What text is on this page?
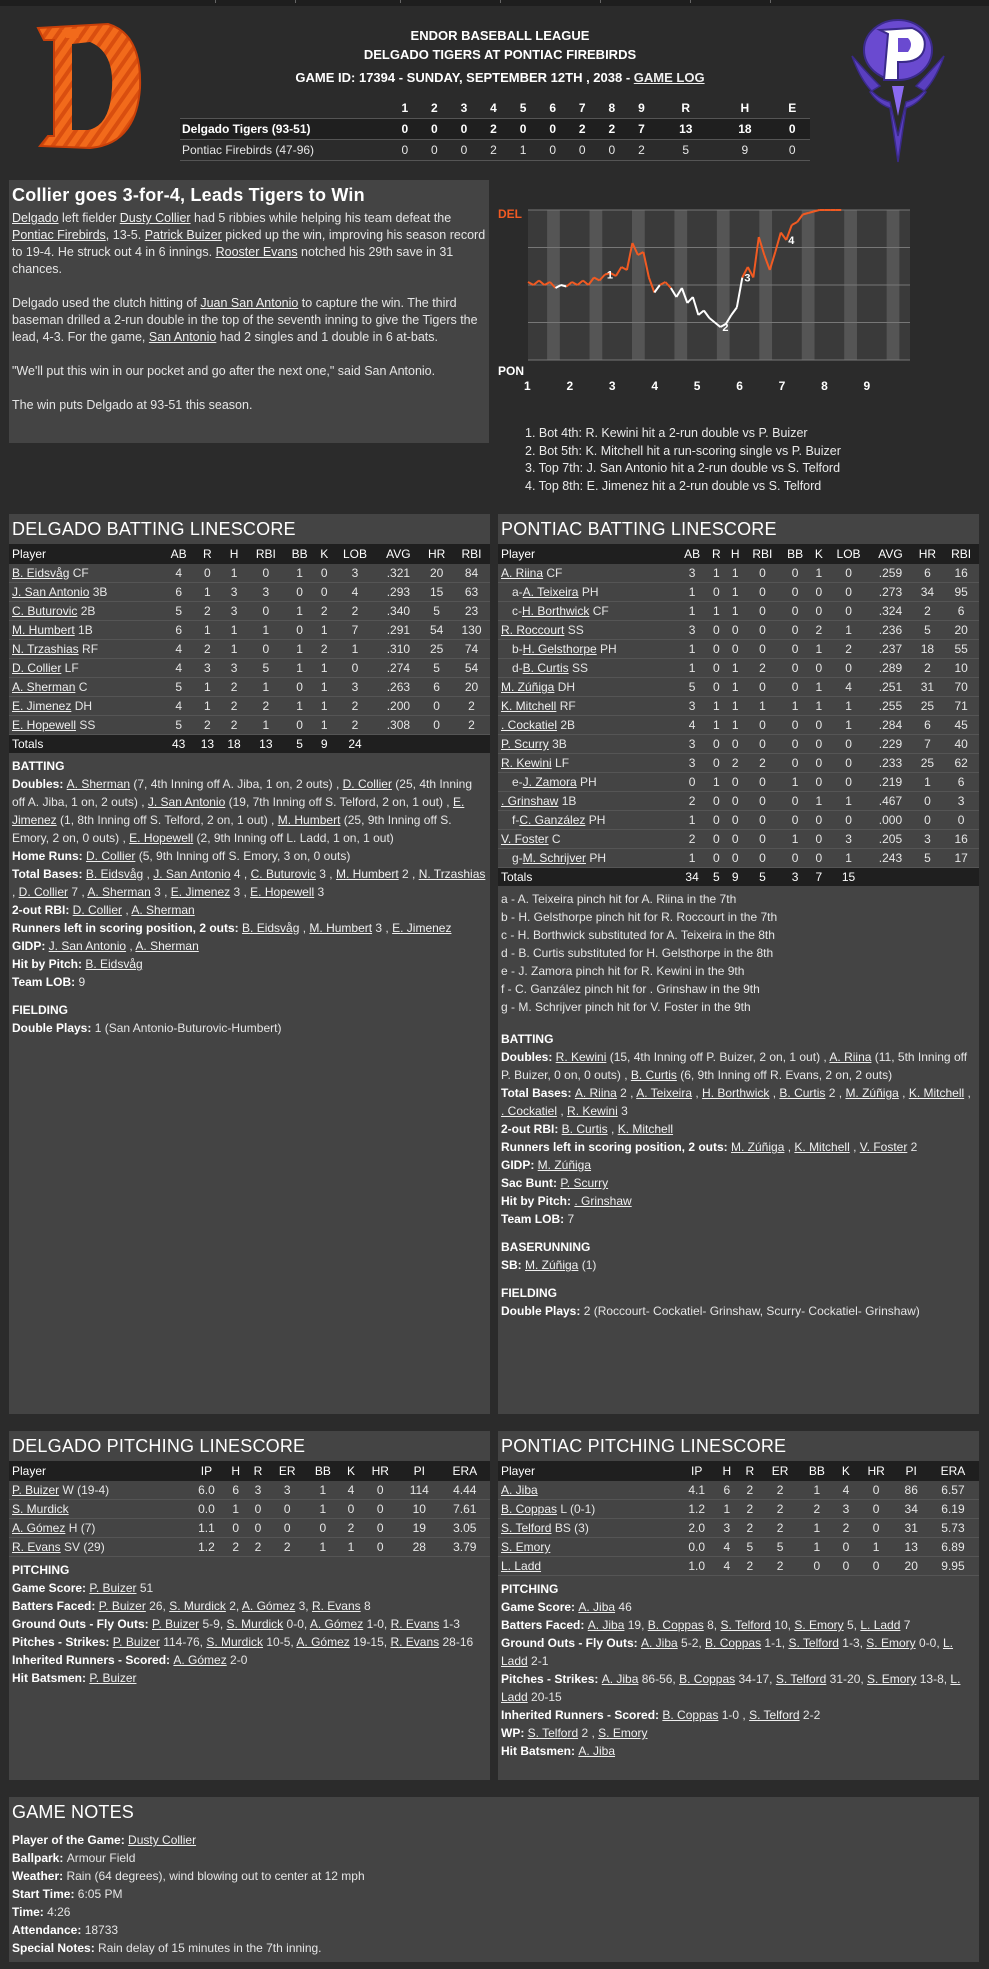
ENDOR BASEBALL LEAGUE
DELGADO TIGERS AT PONTIAC FIREBIRDS
GAME ID: 17394 - SUNDAY, SEPTEMBER 12TH , 2038 - GAME LOG
	1	2	3	4	5	6	7	8	9	R	H	E
Delgado Tigers (93-51)	0	0	0	2	0	0	2	2	7	13	18	0
Pontiac Firebirds (47-96)	0	0	0	2	1	0	0	0	2	5	9	0
Collier goes 3-for-4, Leads Tigers to Win

Delgado left fielder Dusty Collier had 5 ribbies while helping his team defeat the Pontiac Firebirds, 13-5. Patrick Buizer picked up the win, improving his season record to 19-4. He struck out 4 in 6 innings. Rooster Evans notched his 29th save in 31 chances.

Delgado used the clutch hitting of Juan San Antonio to capture the win. The third baseman drilled a 2-run double in the top of the seventh inning to give the Tigers the lead, 4-3. For the game, San Antonio had 2 singles and 1 double in 6 at-bats.

"We'll put this win in our pocket and go after the next one," said San Antonio.

The win puts Delgado at 93-51 this season.

DEL
PON
1
2
3
4
1	2	3	4	5	6	7	8	9
1. Bot 4th: R. Kewini hit a 2-run double vs P. Buizer
2. Bot 5th: K. Mitchell hit a run-scoring single vs P. Buizer
3. Top 7th: J. San Antonio hit a 2-run double vs S. Telford
4. Top 8th: E. Jimenez hit a 2-run double vs S. Telford
DELGADO BATTING LINESCORE
Player	AB	R	H	RBI	BB	K	LOB	AVG	HR	RBI
B. Eidsvåg CF	4	0	1	0	1	0	3	.321	20	84
J. San Antonio 3B	6	1	3	3	0	0	4	.293	15	63
C. Buturovic 2B	5	2	3	0	1	2	2	.340	5	23
M. Humbert 1B	6	1	1	1	0	1	7	.291	54	130
N. Trzashias RF	4	2	1	0	1	2	1	.310	25	74
D. Collier LF	4	3	3	5	1	1	0	.274	5	54
A. Sherman C	5	1	2	1	0	1	3	.263	6	20
E. Jimenez DH	4	1	2	2	1	1	2	.200	0	2
E. Hopewell SS	5	2	2	1	0	1	2	.308	0	2
Totals	43	13	18	13	5	9	24			
BATTING
Doubles: A. Sherman (7, 4th Inning off A. Jiba, 1 on, 2 outs) , D. Collier (25, 4th Inning off A. Jiba, 1 on, 2 outs) , J. San Antonio (19, 7th Inning off S. Telford, 2 on, 1 out) , E. Jimenez (1, 8th Inning off S. Telford, 2 on, 1 out) , M. Humbert (25, 9th Inning off S. Emory, 2 on, 0 outs) , E. Hopewell (2, 9th Inning off L. Ladd, 1 on, 1 out)
Home Runs: D. Collier (5, 9th Inning off S. Emory, 3 on, 0 outs)
Total Bases: B. Eidsvåg , J. San Antonio 4 , C. Buturovic 3 , M. Humbert 2 , N. Trzashias , D. Collier 7 , A. Sherman 3 , E. Jimenez 3 , E. Hopewell 3
2-out RBI: D. Collier , A. Sherman
Runners left in scoring position, 2 outs: B. Eidsvåg , M. Humbert 3 , E. Jimenez
GIDP: J. San Antonio , A. Sherman
Hit by Pitch: B. Eidsvåg
Team LOB: 9
FIELDING
Double Plays: 1 (San Antonio-Buturovic-Humbert)
PONTIAC BATTING LINESCORE
Player	AB	R	H	RBI	BB	K	LOB	AVG	HR	RBI
A. Riina CF	3	1	1	0	0	1	0	.259	6	16
a-A. Teixeira PH	1	0	1	0	0	0	0	.273	34	95
c-H. Borthwick CF	1	1	1	0	0	0	0	.324	2	6
R. Roccourt SS	3	0	0	0	0	2	1	.236	5	20
b-H. Gelsthorpe PH	1	0	0	0	0	1	2	.237	18	55
d-B. Curtis SS	1	0	1	2	0	0	0	.289	2	10
M. Zúñiga DH	5	0	1	0	0	1	4	.251	31	70
K. Mitchell RF	3	1	1	1	1	1	1	.255	25	71
. Cockatiel 2B	4	1	1	0	0	0	1	.284	6	45
P. Scurry 3B	3	0	0	0	0	0	0	.229	7	40
R. Kewini LF	3	0	2	2	0	0	0	.233	25	62
e-J. Zamora PH	0	1	0	0	1	0	0	.219	1	6
. Grinshaw 1B	2	0	0	0	0	1	1	.467	0	3
f-C. Ganzález PH	1	0	0	0	0	0	0	.000	0	0
V. Foster C	2	0	0	0	1	0	3	.205	3	16
g-M. Schrijver PH	1	0	0	0	0	0	1	.243	5	17
Totals	34	5	9	5	3	7	15			
a - A. Teixeira pinch hit for A. Riina in the 7th
b - H. Gelsthorpe pinch hit for R. Roccourt in the 7th
c - H. Borthwick substituted for A. Teixeira in the 8th
d - B. Curtis substituted for H. Gelsthorpe in the 8th
e - J. Zamora pinch hit for R. Kewini in the 9th
f - C. Ganzález pinch hit for . Grinshaw in the 9th
g - M. Schrijver pinch hit for V. Foster in the 9th
BATTING
Doubles: R. Kewini (15, 4th Inning off P. Buizer, 2 on, 1 out) , A. Riina (11, 5th Inning off P. Buizer, 0 on, 0 outs) , B. Curtis (6, 9th Inning off R. Evans, 2 on, 2 outs)
Total Bases: A. Riina 2 , A. Teixeira , H. Borthwick , B. Curtis 2 , M. Zúñiga , K. Mitchell , . Cockatiel , R. Kewini 3
2-out RBI: B. Curtis , K. Mitchell
Runners left in scoring position, 2 outs: M. Zúñiga , K. Mitchell , V. Foster 2
GIDP: M. Zúñiga
Sac Bunt: P. Scurry
Hit by Pitch: . Grinshaw
Team LOB: 7
BASERUNNING
SB: M. Zúñiga (1)
FIELDING
Double Plays: 2 (Roccourt- Cockatiel- Grinshaw, Scurry- Cockatiel- Grinshaw)
DELGADO PITCHING LINESCORE
Player	IP	H	R	ER	BB	K	HR	PI	ERA
P. Buizer W (19-4)	6.0	6	3	3	1	4	0	114	4.44
S. Murdick	0.0	1	0	0	1	0	0	10	7.61
A. Gómez H (7)	1.1	0	0	0	0	2	0	19	3.05
R. Evans SV (29)	1.2	2	2	2	1	1	0	28	3.79
PITCHING
Game Score: P. Buizer 51
Batters Faced: P. Buizer 26, S. Murdick 2, A. Gómez 3, R. Evans 8
Ground Outs - Fly Outs: P. Buizer 5-9, S. Murdick 0-0, A. Gómez 1-0, R. Evans 1-3
Pitches - Strikes: P. Buizer 114-76, S. Murdick 10-5, A. Gómez 19-15, R. Evans 28-16
Inherited Runners - Scored: A. Gómez 2-0
Hit Batsmen: P. Buizer
PONTIAC PITCHING LINESCORE
Player	IP	H	R	ER	BB	K	HR	PI	ERA
A. Jiba	4.1	6	2	2	1	4	0	86	6.57
B. Coppas L (0-1)	1.2	1	2	2	2	3	0	34	6.19
S. Telford BS (3)	2.0	3	2	2	1	2	0	31	5.73
S. Emory	0.0	4	5	5	1	0	1	13	6.89
L. Ladd	1.0	4	2	2	0	0	0	20	9.95
PITCHING
Game Score: A. Jiba 46
Batters Faced: A. Jiba 19, B. Coppas 8, S. Telford 10, S. Emory 5, L. Ladd 7
Ground Outs - Fly Outs: A. Jiba 5-2, B. Coppas 1-1, S. Telford 1-3, S. Emory 0-0, L. Ladd 2-1
Pitches - Strikes: A. Jiba 86-56, B. Coppas 34-17, S. Telford 31-20, S. Emory 13-8, L. Ladd 20-15
Inherited Runners - Scored: B. Coppas 1-0 , S. Telford 2-2
WP: S. Telford 2 , S. Emory
Hit Batsmen: A. Jiba
GAME NOTES
Player of the Game: Dusty Collier
Ballpark: Armour Field
Weather: Rain (64 degrees), wind blowing out to center at 12 mph
Start Time: 6:05 PM
Time: 4:26
Attendance: 18733
Special Notes: Rain delay of 15 minutes in the 7th inning.
